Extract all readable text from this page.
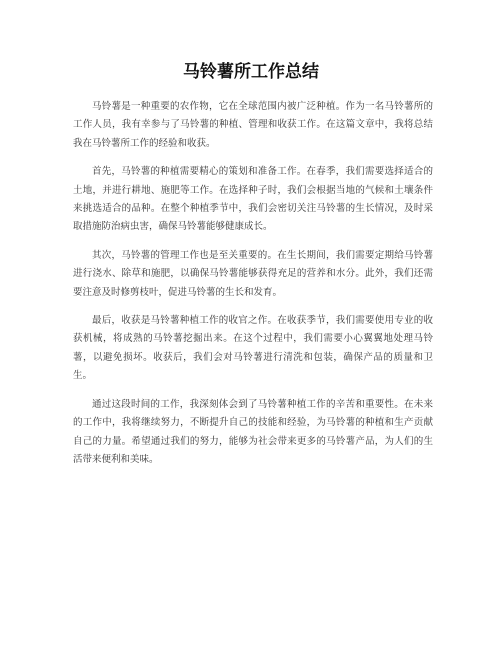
马铃薯所工作总结

马铃薯是一种重要的农作物，它在全球范围内被广泛种植。作为一名马铃薯所的工作人员，我有幸参与了马铃薯的种植、管理和收获工作。在这篇文章中，我将总结我在马铃薯所工作的经验和收获。

首先，马铃薯的种植需要精心的策划和准备工作。在春季，我们需要选择适合的土地，并进行耕地、施肥等工作。在选择种子时，我们会根据当地的气候和土壤条件来挑选适合的品种。在整个种植季节中，我们会密切关注马铃薯的生长情况，及时采取措施防治病虫害，确保马铃薯能够健康成长。

其次，马铃薯的管理工作也是至关重要的。在生长期间，我们需要定期给马铃薯进行浇水、除草和施肥，以确保马铃薯能够获得充足的营养和水分。此外，我们还需要注意及时修剪枝叶，促进马铃薯的生长和发育。

最后，收获是马铃薯种植工作的收官之作。在收获季节，我们需要使用专业的收获机械，将成熟的马铃薯挖掘出来。在这个过程中，我们需要小心翼翼地处理马铃薯，以避免损坏。收获后，我们会对马铃薯进行清洗和包装，确保产品的质量和卫生。

通过这段时间的工作，我深刻体会到了马铃薯种植工作的辛苦和重要性。在未来的工作中，我将继续努力，不断提升自己的技能和经验，为马铃薯的种植和生产贡献自己的力量。希望通过我们的努力，能够为社会带来更多的马铃薯产品，为人们的生活带来便利和美味。
